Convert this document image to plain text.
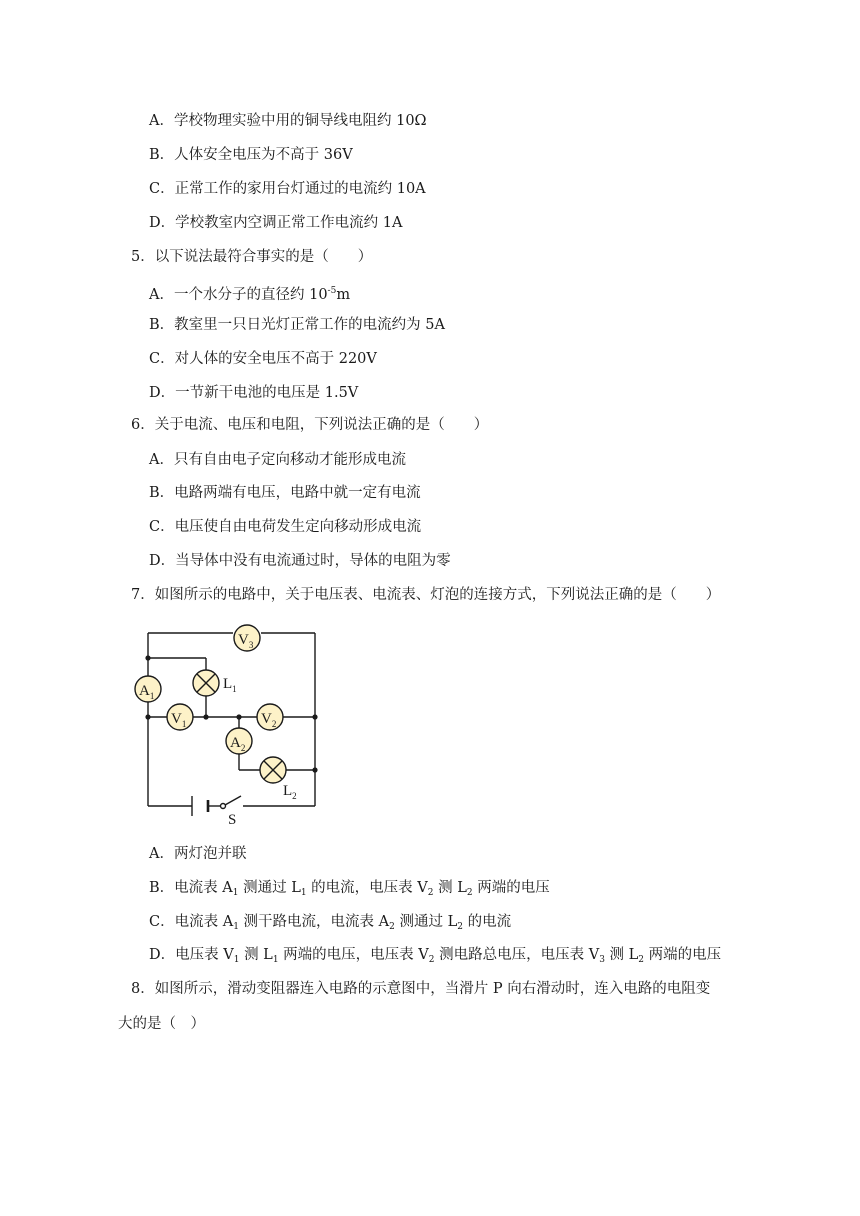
A．学校物理实验中用的铜导线电阻约 10Ω
B．人体安全电压为不高于 36V
C．正常工作的家用台灯通过的电流约 10A
D．学校教室内空调正常工作电流约 1A
5．以下说法最符合事实的是（　　）
A．一个水分子的直径约 $10^{-5}m$
B．教室里一只日光灯正常工作的电流约为 5A
C．对人体的安全电压不高于 220V
D．一节新干电池的电压是 1.5V
6．关于电流、电压和电阻，下列说法正确的是（　　）
A．只有自由电子定向移动才能形成电流
B．电路两端有电压，电路中就一定有电流
C．电压使自由电荷发生定向移动形成电流
D．当导体中没有电流通过时，导体的电阻为零
7．如图所示的电路中，关于电压表、电流表、灯泡的连接方式，下列说法正确的是（　　）
$V_3$
$A_1$
$V_1$	$V_2$
$A_2$
$L_1$
$L_2$
S
A．两灯泡并联
B．电流表 $A_1$ 测通过 $L_1$ 的电流，电压表 $V_2$ 测 $L_2$ 两端的电压
C．电流表 $A_1$ 测干路电流，电流表 $A_2$ 测通过 $L_2$ 的电流
D．电压表 $V_1$ 测 $L_1$ 两端的电压，电压表 $V_2$ 测电路总电压，电压表 $V_3$ 测 $L_2$ 两端的电压
8．如图所示，滑动变阻器连入电路的示意图中，当滑片 P 向右滑动时，连入电路的电阻变
大的是（　）
